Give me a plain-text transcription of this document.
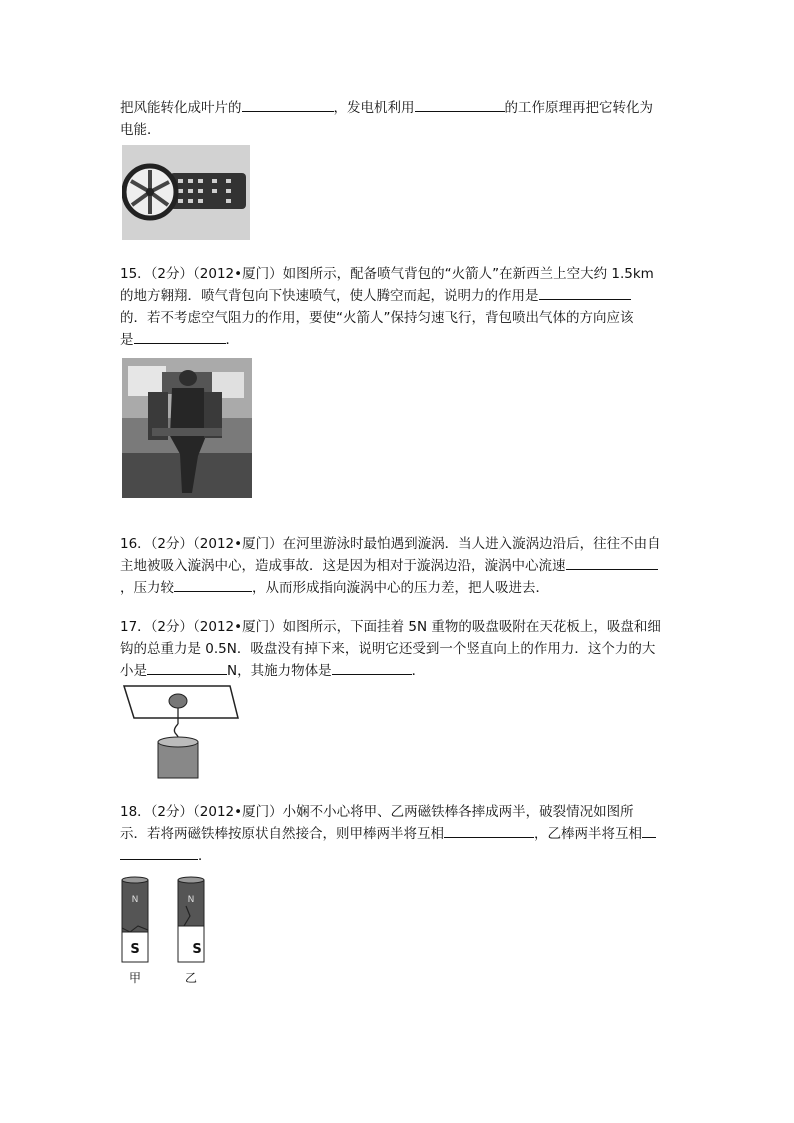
把风能转化成叶片的	，发电机利用	的工作原理再把它转化为
电能．
15．（2分）（2012•厦门）如图所示，配备喷气背包的“火箭人”在新西兰上空大约 1.5km
的地方翱翔．喷气背包向下快速喷气，使人腾空而起，说明力的作用是
的．若不考虑空气阻力的作用，要使“火箭人”保持匀速飞行，背包喷出气体的方向应该
是	．
16．（2分）（2012•厦门）在河里游泳时最怕遇到漩涡．当人进入漩涡边沿后，往往不由自
主地被吸入漩涡中心，造成事故．这是因为相对于漩涡边沿，漩涡中心流速
，压力较	，从而形成指向漩涡中心的压力差，把人吸进去．
17．（2分）（2012•厦门）如图所示，下面挂着 5N 重物的吸盘吸附在天花板上，吸盘和细
钩的总重力是 0.5N．吸盘没有掉下来，说明它还受到一个竖直向上的作用力．这个力的大
小是	N，其施力物体是	．
18．（2分）（2012•厦门）小娴不小心将甲、乙两磁铁棒各摔成两半，破裂情况如图所
示．若将两磁铁棒按原状自然接合，则甲棒两半将互相	，乙棒两半将互相
．
N
S
N
S
甲	乙
